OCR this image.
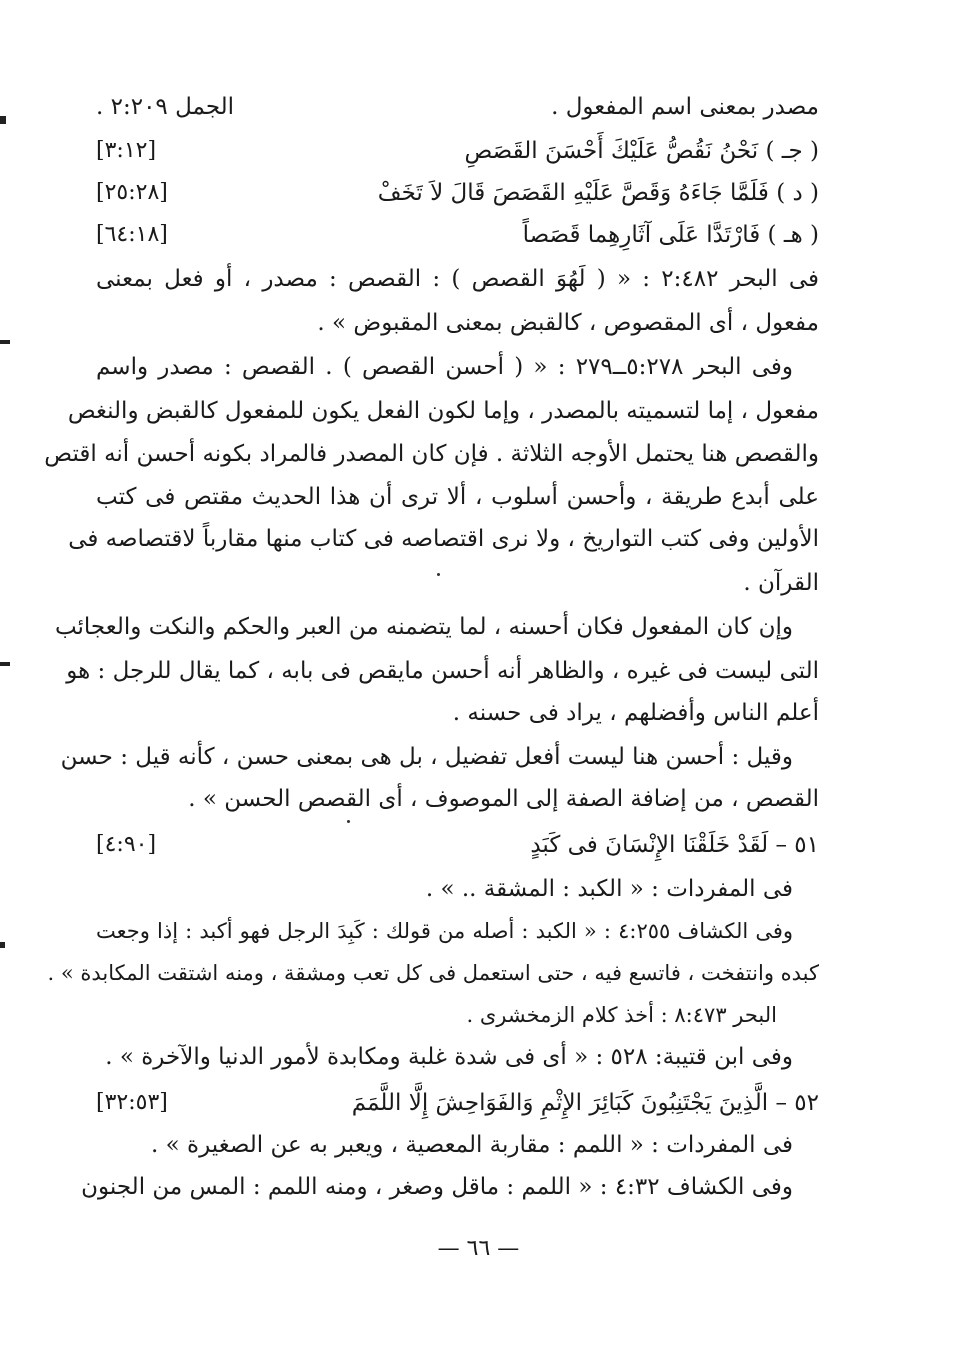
مصدر بمعنى اسم المفعول .
الجمل ٢:٢٠٩ .
( جـ ) نَحْنُ نَقُصُّ عَلَيْكَ أَحْسَنَ القَصَصِ
[٣:١٢]
( د ) فَلَمَّا جَاءَهُ وَقَصَّ عَلَيْهِ القَصَصَ قَالَ لاَ تَخَفْ
[٢٥:٢٨]
( هـ ) فَارْتَدَّا عَلَى آثَارِهِما قَصَصاً
[٦٤:١٨]
فى البحر ٢:٤٨٢ : « ( لَهُوَ القصص ) : القصص : مصدر ، أو فعل بمعنى
مفعول ، أى المقصوص ، كالقبض بمعنى المقبوض » .
وفى البحر ٥:٢٧٨ــ٢٧٩ : « ( أحسن القصص ) . القصص : مصدر واسم
مفعول ، إما لتسميته بالمصدر ، وإما لكون الفعل يكون للمفعول كالقبض والنغص
والقصص هنا يحتمل الأوجه الثلاثة . فإن كان المصدر فالمراد بكونه أحسن أنه اقتص
على أبدع طريقة ، وأحسن أسلوب ، ألا ترى أن هذا الحديث مقتص فى كتب
الأولين وفى كتب التواريخ ، ولا نرى اقتصاصه فى كتاب منها مقارباً لاقتصاصه فى
القرآن .
وإن كان المفعول فكان أحسنه ، لما يتضمنه من العبر والحكم والنكت والعجائب
التى ليست فى غيره ، والظاهر أنه أحسن مايقص فى بابه ، كما يقال للرجل : هو
أعلم الناس وأفضلهم ، يراد فى حسنه .
وقيل : أحسن هنا ليست أفعل تفضيل ، بل هى بمعنى حسن ، كأنه قيل : حسن
القصص ، من إضافة الصفة إلى الموصوف ، أى القصص الحسن » .
٥١ – لَقَدْ خَلَقْنَا الإِنْسَانَ فى كَبَدٍ
[٤:٩٠]
فى المفردات : « الكبد : المشقة .. » .
وفى الكشاف ٤:٢٥٥ : « الكبد : أصله من قولك : كَبِدَ الرجل فهو أكبد : إذا وجعت
كبده وانتفخت ، فاتسع فيه ، حتى استعمل فى كل تعب ومشقة ، ومنه اشتقت المكابدة » .
البحر ٨:٤٧٣ : أخذ كلام الزمخشرى .
وفى ابن قتيبة: ٥٢٨ : « أى فى شدة غلبة ومكابدة لأمور الدنيا والآخرة » .
٥٢ – الَّذِينَ يَجْتَنِبُونَ كَبَائِرَ الإِثْمِ وَالفَوَاحِشَ إِلَّا اللَّمَمَ
[٣٢:٥٣]
فى المفردات : « اللمم : مقاربة المعصية ، ويعبر به عن الصغيرة » .
وفى الكشاف ٤:٣٢ : « اللمم : ماقل وصغر ، ومنه اللمم : المس من الجنون
— ٦٦ —
